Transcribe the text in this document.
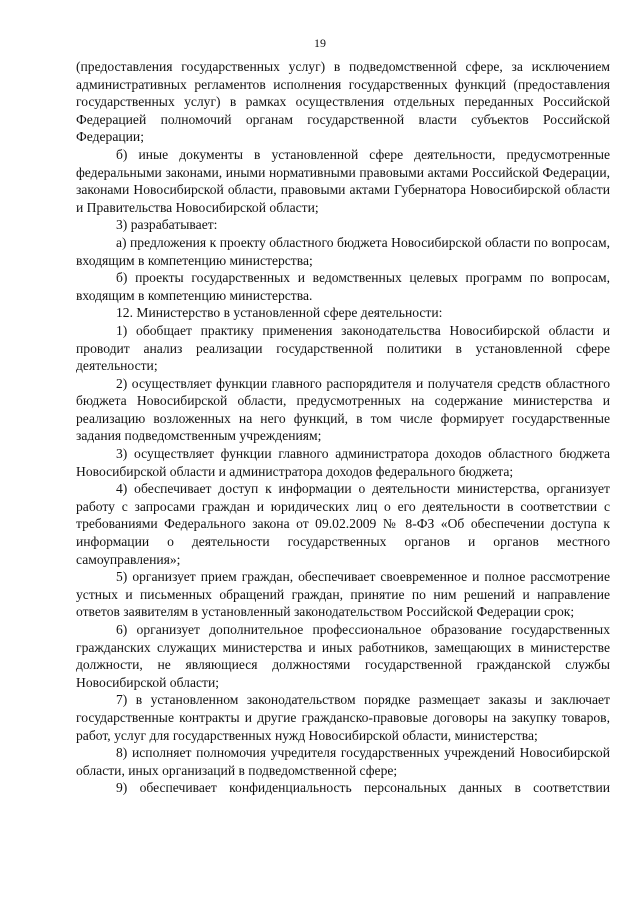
19

(предоставления государственных услуг) в подведомственной сфере, за исключением административных регламентов исполнения государственных функций (предоставления государственных услуг) в рамках осуществления отдельных переданных Российской Федерацией полномочий органам государственной власти субъектов Российской Федерации;

б) иные документы в установленной сфере деятельности, предусмотренные федеральными законами, иными нормативными правовыми актами Российской Федерации, законами Новосибирской области, правовыми актами Губернатора Новосибирской области и Правительства Новосибирской области;

3) разрабатывает:

а) предложения к проекту областного бюджета Новосибирской области по вопросам, входящим в компетенцию министерства;

б) проекты государственных и ведомственных целевых программ по вопросам, входящим в компетенцию министерства.

12. Министерство в установленной сфере деятельности:

1) обобщает практику применения законодательства Новосибирской области и проводит анализ реализации государственной политики в установленной сфере деятельности;

2) осуществляет функции главного распорядителя и получателя средств областного бюджета Новосибирской области, предусмотренных на содержание министерства и реализацию возложенных на него функций, в том числе формирует государственные задания подведомственным учреждениям;

3) осуществляет функции главного администратора доходов областного бюджета Новосибирской области и администратора доходов федерального бюджета;

4) обеспечивает доступ к информации о деятельности министерства, организует работу с запросами граждан и юридических лиц о его деятельности в соответствии с требованиями Федерального закона от 09.02.2009 № 8-ФЗ «Об обеспечении доступа к информации о деятельности государственных органов и органов местного самоуправления»;

5) организует прием граждан, обеспечивает своевременное и полное рассмотрение устных и письменных обращений граждан, принятие по ним решений и направление ответов заявителям в установленный законодательством Российской Федерации срок;

6) организует дополнительное профессиональное образование государственных гражданских служащих министерства и иных работников, замещающих в министерстве должности, не являющиеся должностями государственной гражданской службы Новосибирской области;

7) в установленном законодательством порядке размещает заказы и заключает государственные контракты и другие гражданско-правовые договоры на закупку товаров, работ, услуг для государственных нужд Новосибирской области, министерства;

8) исполняет полномочия учредителя государственных учреждений Новосибирской области, иных организаций в подведомственной сфере;

9) обеспечивает конфиденциальность персональных данных в соответствии
